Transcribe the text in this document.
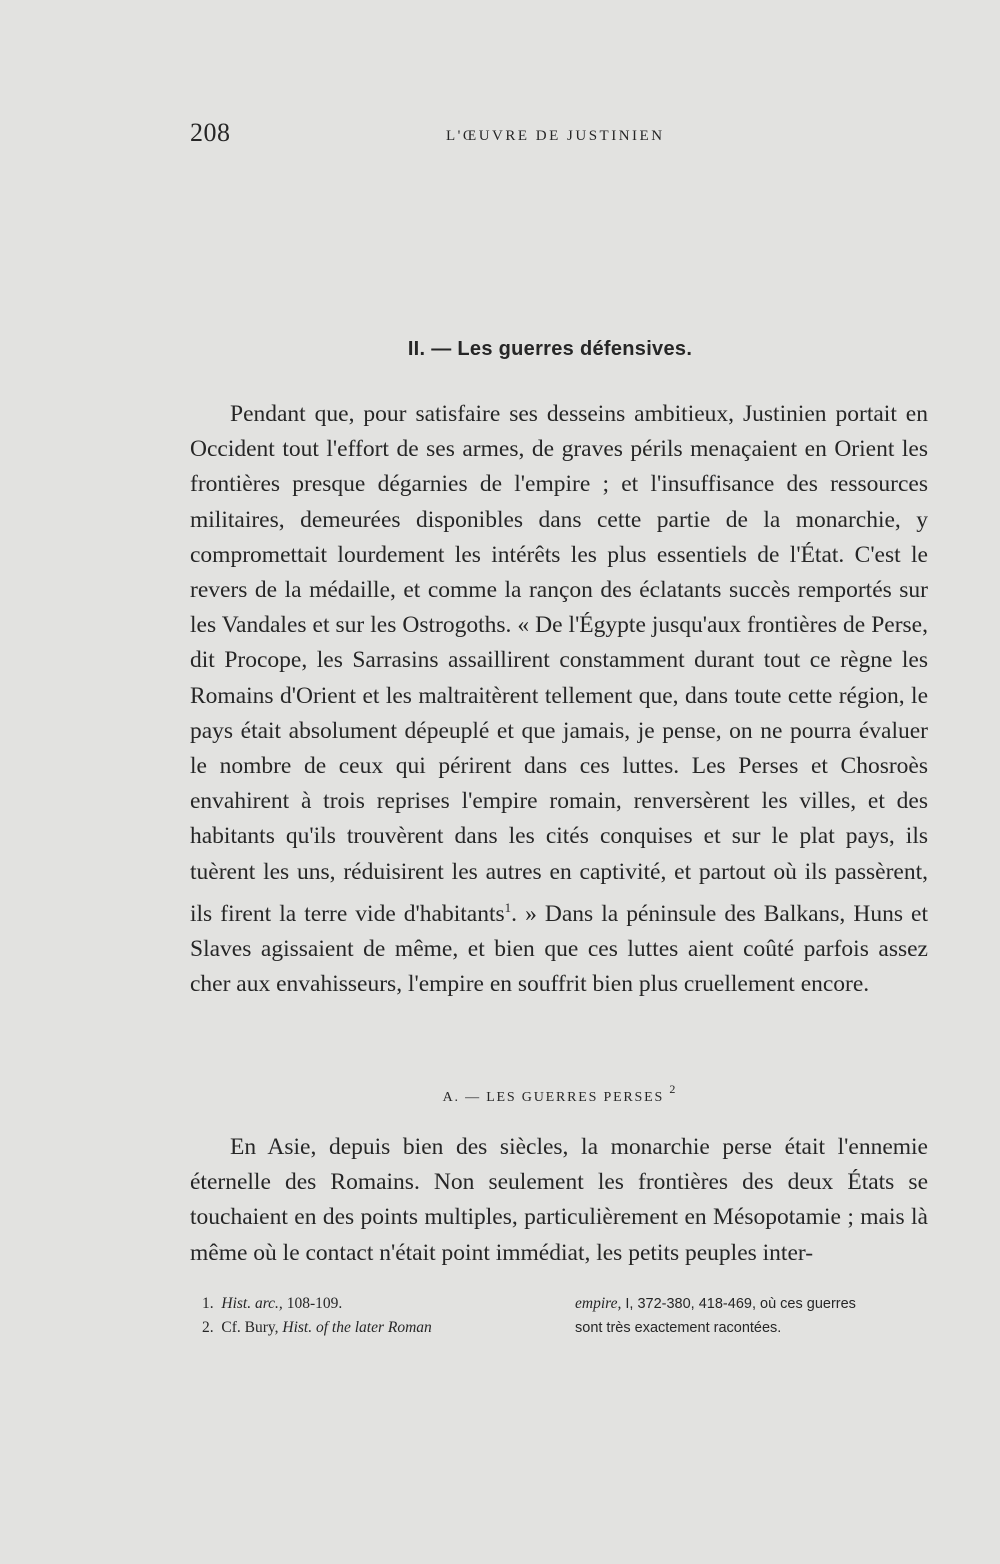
208	L'ŒUVRE DE JUSTINIEN
II. — Les guerres défensives.

Pendant que, pour satisfaire ses desseins ambitieux, Justinien portait en Occident tout l'effort de ses armes, de graves périls menaçaient en Orient les frontières presque dégarnies de l'empire ; et l'insuffisance des ressources militaires, demeurées disponibles dans cette partie de la monarchie, y compromettait lourdement les intérêts les plus essentiels de l'État. C'est le revers de la médaille, et comme la rançon des éclatants succès remportés sur les Vandales et sur les Ostrogoths. « De l'Égypte jusqu'aux frontières de Perse, dit Procope, les Sarrasins assaillirent constamment durant tout ce règne les Romains d'Orient et les maltraitèrent tellement que, dans toute cette région, le pays était absolument dépeuplé et que jamais, je pense, on ne pourra évaluer le nombre de ceux qui périrent dans ces luttes. Les Perses et Chosroès envahirent à trois reprises l'empire romain, renversèrent les villes, et des habitants qu'ils trouvèrent dans les cités conquises et sur le plat pays, ils tuèrent les uns, réduisirent les autres en captivité, et partout où ils passèrent, ils firent la terre vide d'habitants$^1$. » Dans la péninsule des Balkans, Huns et Slaves agissaient de même, et bien que ces luttes aient coûté parfois assez cher aux envahisseurs, l'empire en souffrit bien plus cruellement encore.

A. — LES GUERRES PERSES $^2$

En Asie, depuis bien des siècles, la monarchie perse était l'ennemie éternelle des Romains. Non seulement les frontières des deux États se touchaient en des points multiples, particulièrement en Mésopotamie ; mais là même où le contact n'était point immédiat, les petits peuples inter-

1. Hist. arc., 108-109.
2. Cf. Bury, Hist. of the later Roman
empire, I, 372-380, 418-469, où ces guerres
sont très exactement racontées.
